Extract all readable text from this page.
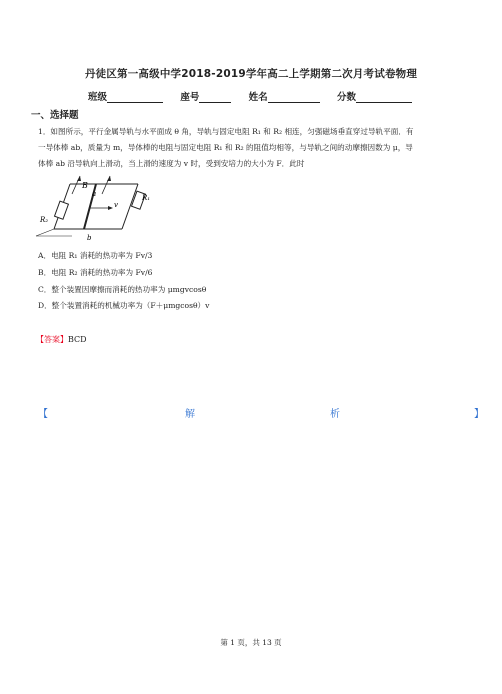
丹徒区第一高级中学2018-2019学年高二上学期第二次月考试卷物理
班级	座号	姓名	分数
一、选择题

1．如图所示，平行金属导轨与水平面成 θ 角，导轨与固定电阻 R₁ 和 R₂ 相连，匀强磁场垂直穿过导轨平面．有

一导体棒 ab，质量为 m，导体棒的电阻与固定电阻 R₁ 和 R₂ 的阻值均相等，与导轨之间的动摩擦因数为 μ，导

体棒 ab 沿导轨向上滑动，当上滑的速度为 v 时，受到安培力的大小为 F．此时

B
a
b
v
R₁
R₂
A．电阻 R₁ 消耗的热功率为 Fv/3
B．电阻 R₂ 消耗的热功率为 Fv/6
C．整个装置因摩擦而消耗的热功率为 μmgvcosθ
D．整个装置消耗的机械功率为（F＋μmgcosθ）v
【答案】BCD
【	解	析	】
第 1 页，共 13 页
